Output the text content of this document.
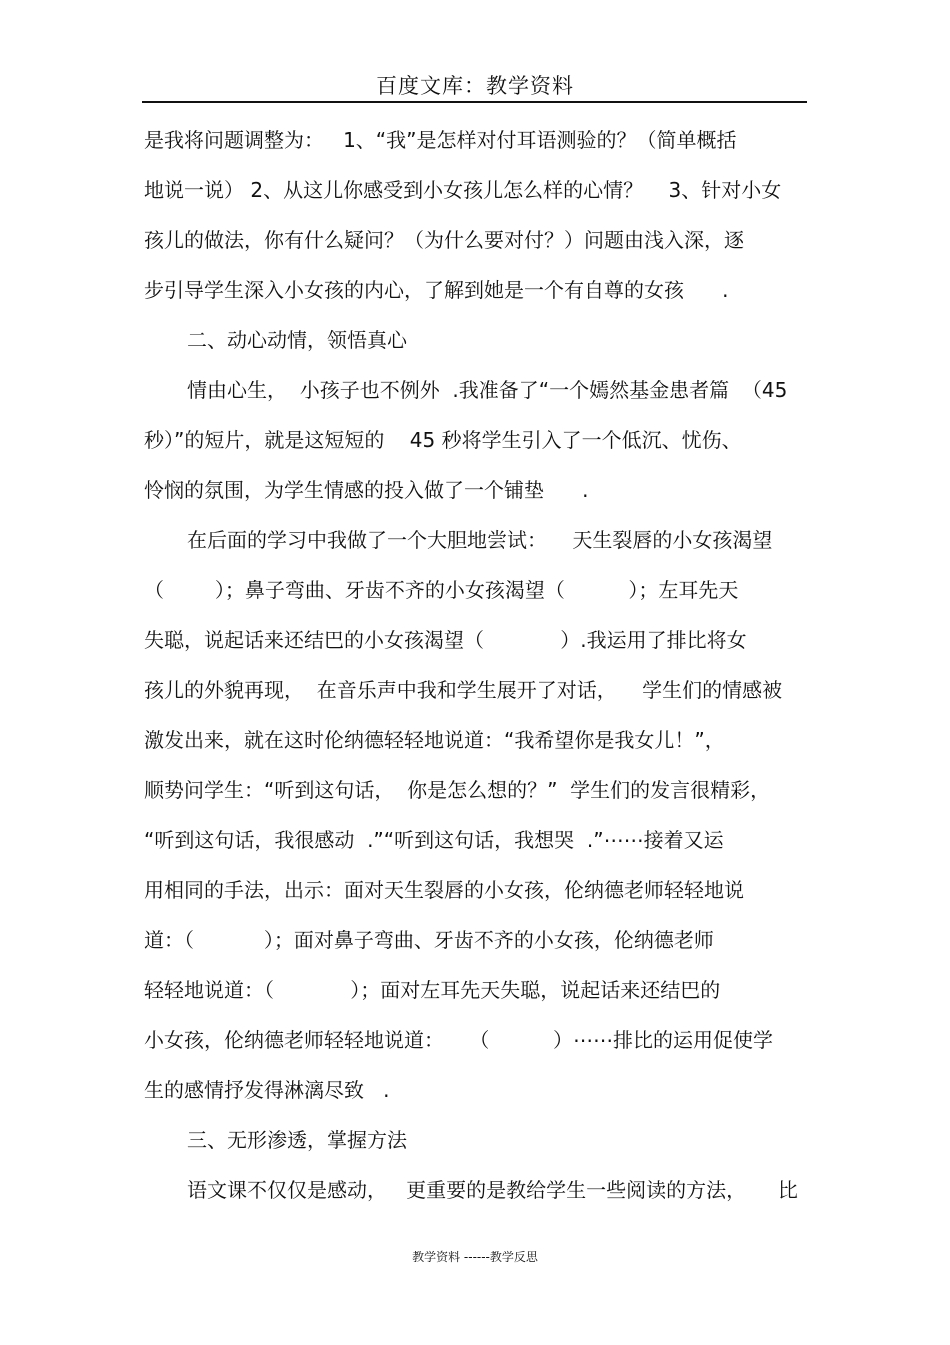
百度文库：教学资料
是我将问题调整为：   1、“我”是怎样对付耳语测验的？（简单概括
地说一说） 2、从这儿你感受到小女孩儿怎么样的心情？    3、针对小女
孩儿的做法，你有什么疑问？（为什么要对付？）问题由浅入深，逐
步引导学生深入小女孩的内心，了解到她是一个有自尊的女孩      .
二、动心动情，领悟真心
情由心生，  小孩子也不例外  .我准备了“一个嫣然基金患者篇  （45
秒）”的短片，就是这短短的    45 秒将学生引入了一个低沉、忧伤、
怜悯的氛围，为学生情感的投入做了一个铺垫      .
在后面的学习中我做了一个大胆地尝试：    天生裂唇的小女孩渴望
（        ）；鼻子弯曲、牙齿不齐的小女孩渴望（          ）；左耳先天
失聪，说起话来还结巴的小女孩渴望（            ）.我运用了排比将女
孩儿的外貌再现，  在音乐声中我和学生展开了对话，    学生们的情感被
激发出来，就在这时伦纳德轻轻地说道：“我希望你是我女儿！”，
顺势问学生：“听到这句话，  你是怎么想的？”  学生们的发言很精彩，
“听到这句话，我很感动  .”“听到这句话，我想哭  .”⋯⋯接着又运
用相同的手法，出示：面对天生裂唇的小女孩，伦纳德老师轻轻地说
道：（           ）；面对鼻子弯曲、牙齿不齐的小女孩，伦纳德老师
轻轻地说道：（            ）；面对左耳先天失聪，说起话来还结巴的
小女孩，伦纳德老师轻轻地说道：    （          ）⋯⋯排比的运用促使学
生的感情抒发得淋漓尽致   .
三、无形渗透，掌握方法
语文课不仅仅是感动，   更重要的是教给学生一些阅读的方法，     比
教学资料 ------教学反思
